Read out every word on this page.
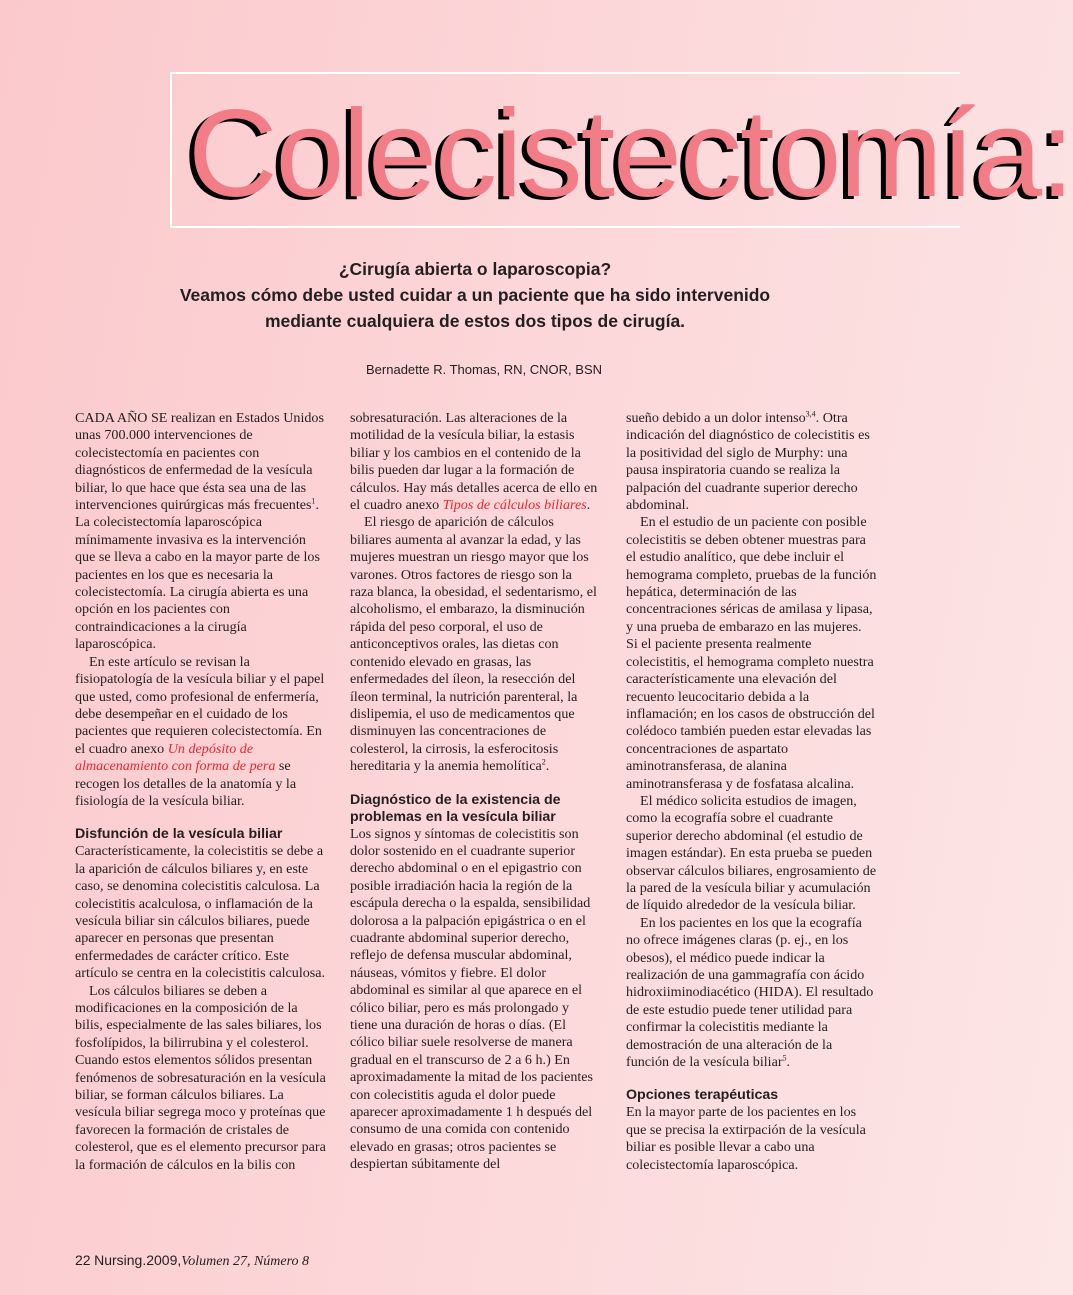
Colecistectomía:
¿Cirugía abierta o laparoscopia?
Veamos cómo debe usted cuidar a un paciente que ha sido intervenido
mediante cualquiera de estos dos tipos de cirugía.
Bernadette R. Thomas, RN, CNOR, BSN

CADA AÑO SE realizan en Estados Unidos unas 700.000 intervenciones de colecistectomía en pacientes con diagnósticos de enfermedad de la vesícula biliar, lo que hace que ésta sea una de las intervenciones quirúrgicas más frecuentes$^1$. La colecistectomía laparoscópica mínimamente invasiva es la intervención que se lleva a cabo en la mayor parte de los pacientes en los que es necesaria la colecistectomía. La cirugía abierta es una opción en los pacientes con contraindicaciones a la cirugía laparoscópica.

En este artículo se revisan la fisiopatología de la vesícula biliar y el papel que usted, como profesional de enfermería, debe desempeñar en el cuidado de los pacientes que requieren colecistectomía. En el cuadro anexo Un depósito de almacenamiento con forma de pera se recogen los detalles de la anatomía y la fisiología de la vesícula biliar.

Disfunción de la vesícula biliar

Característicamente, la colecistitis se debe a la aparición de cálculos biliares y, en este caso, se denomina colecistitis calculosa. La colecistitis acalculosa, o inflamación de la vesícula biliar sin cálculos biliares, puede aparecer en personas que presentan enfermedades de carácter crítico. Este artículo se centra en la colecistitis calculosa.

Los cálculos biliares se deben a modificaciones en la composición de la bilis, especialmente de las sales biliares, los fosfolípidos, la bilirrubina y el colesterol. Cuando estos elementos sólidos presentan fenómenos de sobresaturación en la vesícula biliar, se forman cálculos biliares. La vesícula biliar segrega moco y proteínas que favorecen la formación de cristales de colesterol, que es el elemento precursor para la formación de cálculos en la bilis con

sobresaturación. Las alteraciones de la motilidad de la vesícula biliar, la estasis biliar y los cambios en el contenido de la bilis pueden dar lugar a la formación de cálculos. Hay más detalles acerca de ello en el cuadro anexo Tipos de cálculos biliares.

El riesgo de aparición de cálculos biliares aumenta al avanzar la edad, y las mujeres muestran un riesgo mayor que los varones. Otros factores de riesgo son la raza blanca, la obesidad, el sedentarismo, el alcoholismo, el embarazo, la disminución rápida del peso corporal, el uso de anticonceptivos orales, las dietas con contenido elevado en grasas, las enfermedades del íleon, la resección del íleon terminal, la nutrición parenteral, la dislipemia, el uso de medicamentos que disminuyen las concentraciones de colesterol, la cirrosis, la esferocitosis hereditaria y la anemia hemolítica$^2$.

Diagnóstico de la existencia de problemas en la vesícula biliar

Los signos y síntomas de colecistitis son dolor sostenido en el cuadrante superior derecho abdominal o en el epigastrio con posible irradiación hacia la región de la escápula derecha o la espalda, sensibilidad dolorosa a la palpación epigástrica o en el cuadrante abdominal superior derecho, reflejo de defensa muscular abdominal, náuseas, vómitos y fiebre. El dolor abdominal es similar al que aparece en el cólico biliar, pero es más prolongado y tiene una duración de horas o días. (El cólico biliar suele resolverse de manera gradual en el transcurso de 2 a 6 h.) En aproximadamente la mitad de los pacientes con colecistitis aguda el dolor puede aparecer aproximadamente 1 h después del consumo de una comida con contenido elevado en grasas; otros pacientes se despiertan súbitamente del

sueño debido a un dolor intenso$^{3,4}$. Otra indicación del diagnóstico de colecistitis es la positividad del siglo de Murphy: una pausa inspiratoria cuando se realiza la palpación del cuadrante superior derecho abdominal.

En el estudio de un paciente con posible colecistitis se deben obtener muestras para el estudio analítico, que debe incluir el hemograma completo, pruebas de la función hepática, determinación de las concentraciones séricas de amilasa y lipasa, y una prueba de embarazo en las mujeres.

Si el paciente presenta realmente colecistitis, el hemograma completo nuestra característicamente una elevación del recuento leucocitario debida a la inflamación; en los casos de obstrucción del colédoco también pueden estar elevadas las concentraciones de aspartato aminotransferasa, de alanina aminotransferasa y de fosfatasa alcalina.

El médico solicita estudios de imagen, como la ecografía sobre el cuadrante superior derecho abdominal (el estudio de imagen estándar). En esta prueba se pueden observar cálculos biliares, engrosamiento de la pared de la vesícula biliar y acumulación de líquido alrededor de la vesícula biliar.

En los pacientes en los que la ecografía no ofrece imágenes claras (p. ej., en los obesos), el médico puede indicar la realización de una gammagrafía con ácido hidroxiiminodiacético (HIDA). El resultado de este estudio puede tener utilidad para confirmar la colecistitis mediante la demostración de una alteración de la función de la vesícula biliar$^5$.

Opciones terapéuticas

En la mayor parte de los pacientes en los que se precisa la extirpación de la vesícula biliar es posible llevar a cabo una colecistectomía laparoscópica.

22 Nursing.2009,Volumen 27, Número 8
